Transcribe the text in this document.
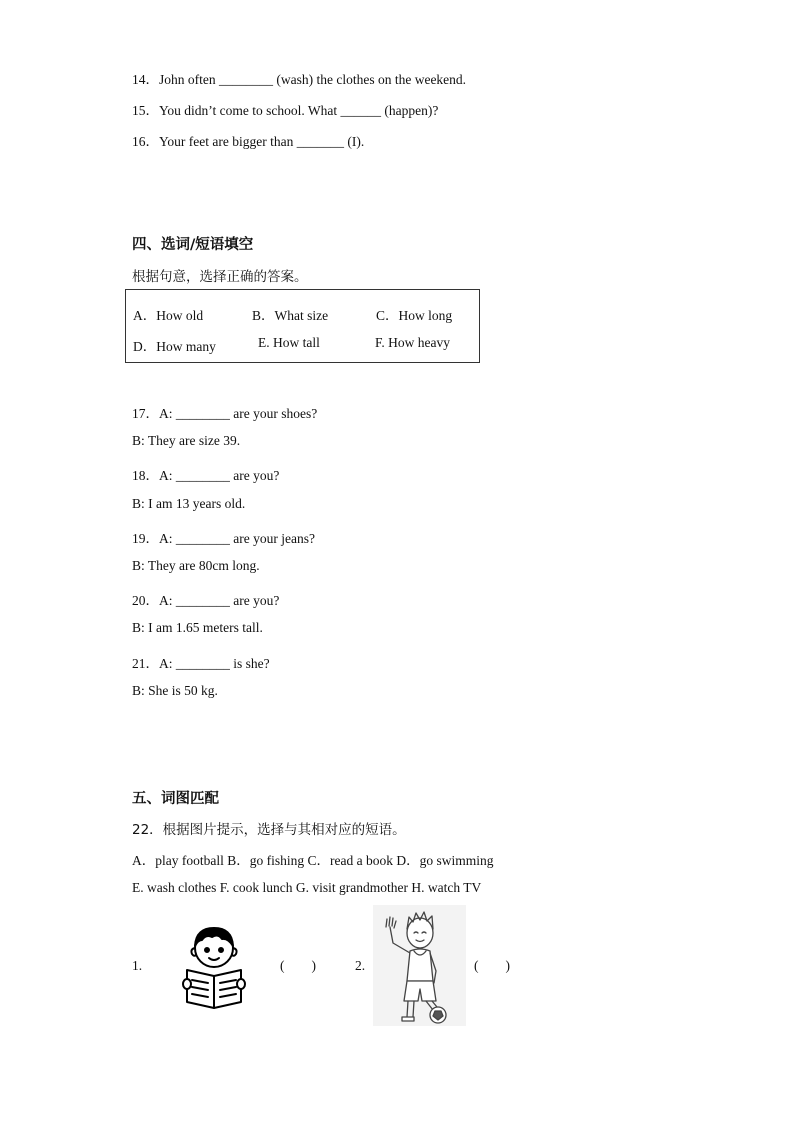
14．John often ________ (wash) the clothes on the weekend.
15．You didn’t come to school. What ______ (happen)?
16．Your feet are bigger than _______ (I).
四、选词/短语填空
根据句意，选择正确的答案。
A．How old	B．What size	C．How long
D．How many	E. How tall	F. How heavy
17．A: ________ are your shoes?
B: They are size 39.
18．A: ________ are you?
B: I am 13 years old.
19．A: ________ are your jeans?
B: They are 80cm long.
20．A: ________ are you?
B: I am 1.65 meters tall.
21．A: ________ is she?
B: She is 50 kg.
五、词图匹配
22．根据图片提示，选择与其相对应的短语。
A．play football B．go fishing C．read a book D．go swimming
E. wash clothes F. cook lunch G. visit grandmother H. watch TV
1.	(        )	2.	(        )
